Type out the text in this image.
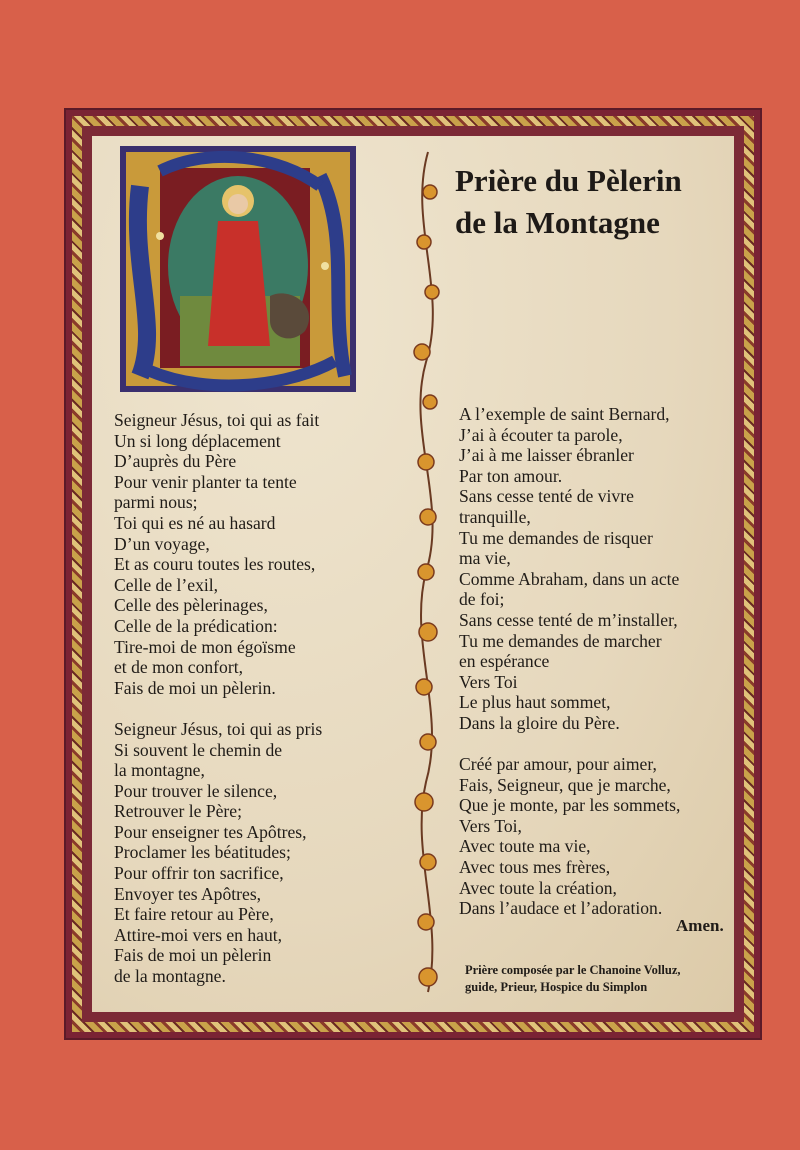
Prière du Pèlerin
de la Montagne
Seigneur Jésus, toi qui as fait
Un si long déplacement
D’auprès du Père
Pour venir planter ta tente
parmi nous;
Toi qui es né au hasard
D’un voyage,
Et as couru toutes les routes,
Celle de l’exil,
Celle des pèlerinages,
Celle de la prédication:
Tire-moi de mon égoïsme
et de mon confort,
Fais de moi un pèlerin.
Seigneur Jésus, toi qui as pris
Si souvent le chemin de
la montagne,
Pour trouver le silence,
Retrouver le Père;
Pour enseigner tes Apôtres,
Proclamer les béatitudes;
Pour offrir ton sacrifice,
Envoyer tes Apôtres,
Et faire retour au Père,
Attire-moi vers en haut,
Fais de moi un pèlerin
de la montagne.
A l’exemple de saint Bernard,
J’ai à écouter ta parole,
J’ai à me laisser ébranler
Par ton amour.
Sans cesse tenté de vivre
tranquille,
Tu me demandes de risquer
ma vie,
Comme Abraham, dans un acte
de foi;
Sans cesse tenté de m’installer,
Tu me demandes de marcher
en espérance
Vers Toi
Le plus haut sommet,
Dans la gloire du Père.
Créé par amour, pour aimer,
Fais, Seigneur, que je marche,
Que je monte, par les sommets,
Vers Toi,
Avec toute ma vie,
Avec tous mes frères,
Avec toute la création,
Dans l’audace et l’adoration.
Amen.
Prière composée par le Chanoine Volluz,
guide, Prieur, Hospice du Simplon
